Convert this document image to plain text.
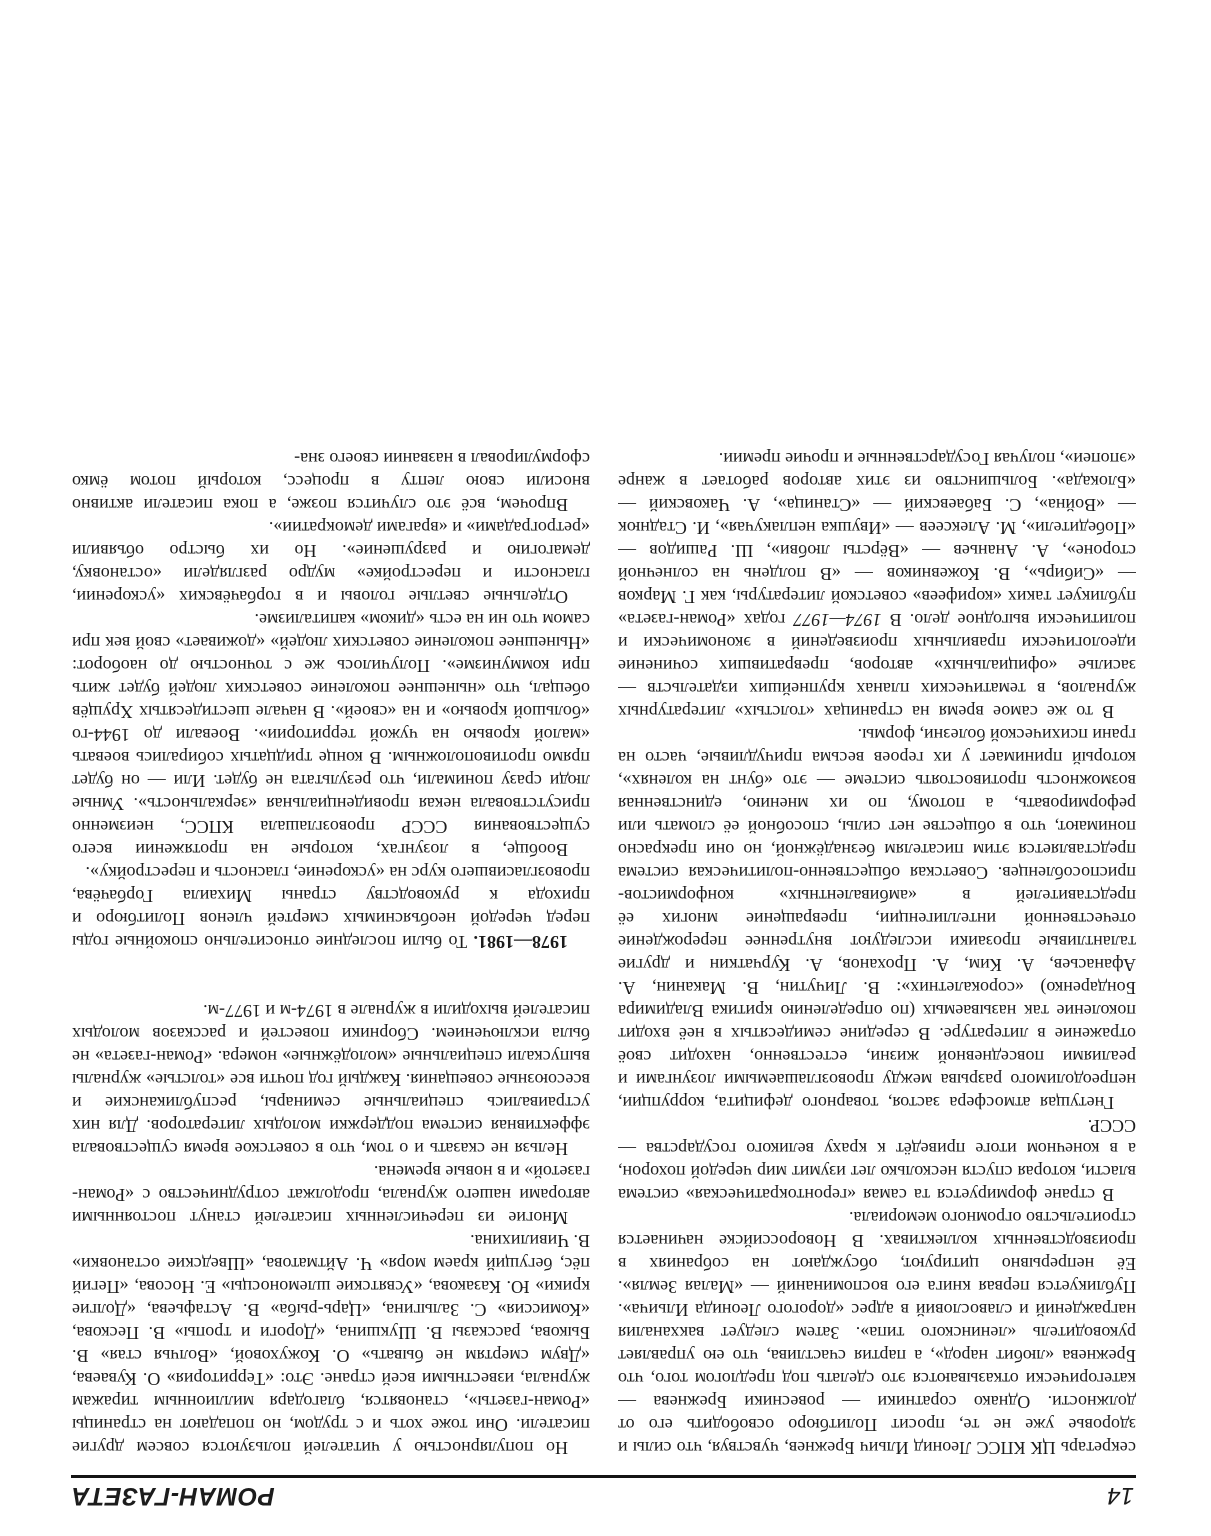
14
РОМАН-ГАЗЕТА

секретарь ЦК КПСС Леонид Ильич Брежнев, чувствуя, что силы и здоровье уже не те, просит Политбюро освободить его от должности. Однако соратники — ровесники Брежнева — категорически отказываются это сделать под предлогом того, что Брежнева «любит народ», а партия счастлива, что ею управляет руководитель «ленинского типа». Затем следует вакханалия награждений и славословий в адрес «дорогого Леонида Ильича». Публикуется первая книга его воспоминаний — «Малая Земля». Её непрерывно цитируют, обсуждают на собраниях в производственных коллективах. В Новороссийске начинается строительство огромного мемориала.

В стране формируется та самая «геронтократическая» система власти, которая спустя несколько лет изумит мир чередой похорон, а в конечном итоге приведёт к краху великого государства — СССР.

Гнетущая атмосфера застоя, товарного дефицита, коррупции, непреодолимого разрыва между провозглашаемыми лозунгами и реалиями повседневной жизни, естественно, находит своё отражение в литературе. В середине семидесятых в неё входит поколение так называемых (по определению критика Владимира Бондаренко) «сорокалетних»: В. Личутин, В. Маканин, А. Афанасьев, А. Ким, А. Проханов, А. Курчаткин и другие талантливые прозаики исследуют внутреннее перерождение отечественной интеллигенции, превращение многих её представителей в «амбивалентных» конформистов-приспособленцев. Советская общественно-политическая система представляется этим писателям безнадёжной, но они прекрасно понимают, что в обществе нет силы, способной её сломать или реформировать, а потому, по их мнению, единственная возможность противостоять системе — это «бунт на коленях», который принимает у их героев весьма причудливые, часто на грани психической болезни, формы.

В то же самое время на страницах «толстых» литературных журналов, в тематических планах крупнейших издательств — засилье «официальных» авторов, превративших сочинение идеологически правильных произведений в экономически и политически выгодное дело. В 1974—1977 годах «Роман-газета» публикует таких «корифеев» советской литературы, как Г. Марков — «Сибирь», В. Кожевников — «В полдень на солнечной стороне», А. Ананьев — «Вёрсты любви», Ш. Рашидов — «Победители», М. Алексеев — «Ивушка неплакучая», И. Стаднюк — «Война», С. Бабаевский — «Станица», А. Чаковский — «Блокада». Большинство из этих авторов работает в жанре «эпопеи», получая Государственные и прочие премии.

Но популярностью у читателей пользуются совсем другие писатели. Они тоже хоть и с трудом, но попадают на страницы «Роман-газеты», становятся, благодаря миллионным тиражам журнала, известными всей стране. Это: «Территория» О. Куваева, «Двум смертям не бывать» О. Кожуховой, «Волчья стая» В. Быкова, рассказы В. Шукшина, «Дороги и тропы» В. Пескова, «Комиссия» С. Залыгина, «Царь-рыба» В. Астафьева, «Долгие крики» Ю. Казакова, «Усвятские шлемоносцы» Е. Носова, «Пегий пёс, бегущий краем моря» Ч. Айтматова, «Шведские остановки» В. Чивилихина.

Многие из перечисленных писателей станут постоянными авторами нашего журнала, продолжат сотрудничество с «Роман-газетой» и в новые времена.

Нельзя не сказать и о том, что в советское время существовала эффективная система поддержки молодых литераторов. Для них устраивались специальные семинары, республиканские и всесоюзные совещания. Каждый год почти все «толстые» журналы выпускали специальные «молодёжные» номера. «Роман-газета» не была исключением. Сборники повестей и рассказов молодых писателей выходили в журнале в 1974-м и 1977-м.

1978—1981. То были последние относительно спокойные годы перед чередой необъяснимых смертей членов Политбюро и прихода к руководству страны Михаила Горбачёва, провозгласившего курс на «ускорение, гласность и перестройку».

Вообще, в лозунгах, которые на протяжении всего существования СССР провозглашала КПСС, неизменно присутствовала некая провиденциальная «зеркальность». Умные люди сразу понимали, что результата не будет. Или — он будет прямо противоположным. В конце тридцатых собирались воевать «малой кровью на чужой территории». Воевали до 1944-го «большой кровью» и на «своей». В начале шестидесятых Хрущёв обещал, что «нынешнее поколение советских людей будет жить при коммунизме». Получилось же с точностью до наоборот: «Нынешнее поколение советских людей» «доживает» свой век при самом что ни на есть «диком» капитализме.

Отдельные светлые головы и в горбачёвских «ускорении, гласности и перестройке» мудро разглядели «остановку, демагогию и разрушение». Но их быстро объявили «ретроградами» и «врагами демократии».

Впрочем, всё это случится позже, а пока писатели активно вносили свою лепту в процесс, который потом ёмко сформулировал в названии своего зна-
